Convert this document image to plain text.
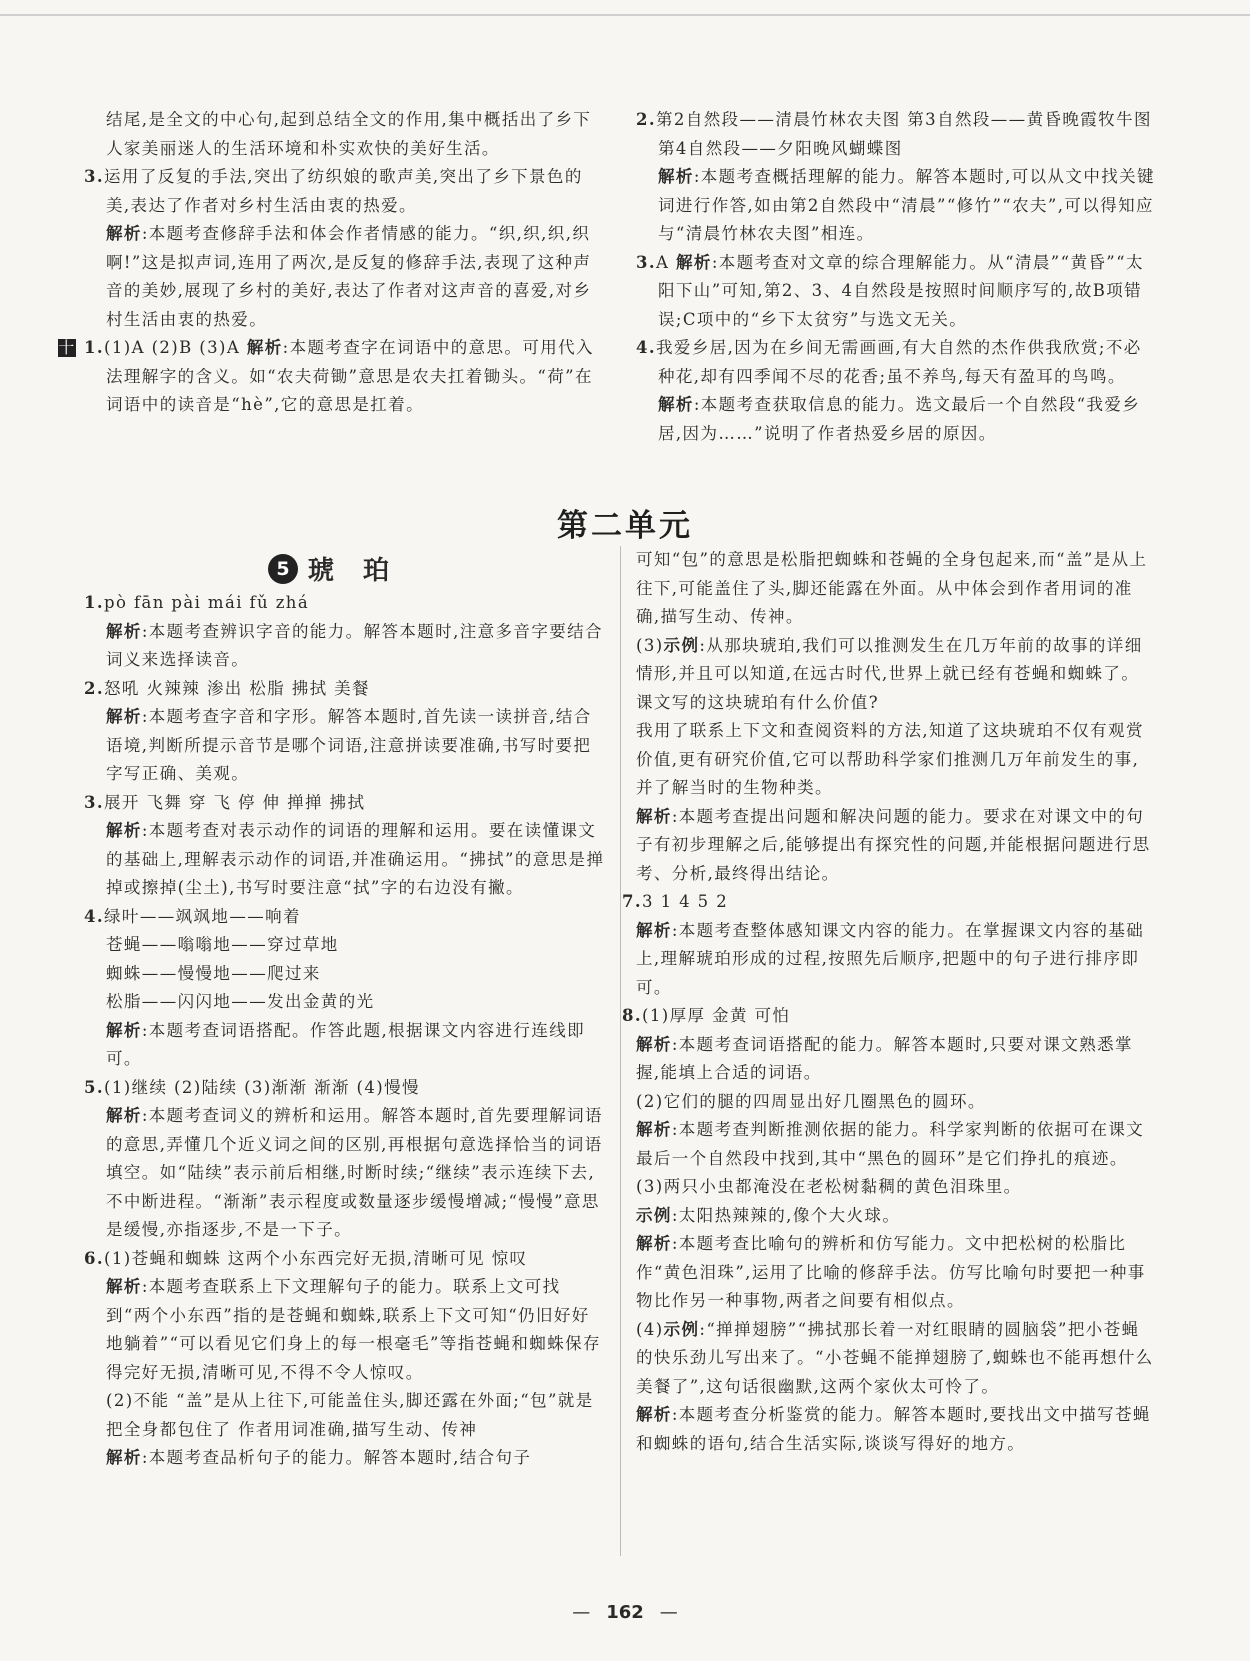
结尾,是全文的中心句,起到总结全文的作用,集中概括出了乡下人家美丽迷人的生活环境和朴实欢快的美好生活。

3.运用了反复的手法,突出了纺织娘的歌声美,突出了乡下景色的美,表达了作者对乡村生活由衷的热爱。

解析:本题考查修辞手法和体会作者情感的能力。“织,织,织,织啊!”这是拟声词,连用了两次,是反复的修辞手法,表现了这种声音的美妙,展现了乡村的美好,表达了作者对这声音的喜爱,对乡村生活由衷的热爱。

十 1.(1)A (2)B (3)A 解析:本题考查字在词语中的意思。可用代入法理解字的含义。如“农夫荷锄”意思是农夫扛着锄头。“荷”在词语中的读音是“hè”,它的意思是扛着。

2.第2自然段——清晨竹林农夫图 第3自然段——黄昏晚霞牧牛图 第4自然段——夕阳晚风蝴蝶图

解析:本题考查概括理解的能力。解答本题时,可以从文中找关键词进行作答,如由第2自然段中“清晨”“修竹”“农夫”,可以得知应与“清晨竹林农夫图”相连。

3.A 解析:本题考查对文章的综合理解能力。从“清晨”“黄昏”“太阳下山”可知,第2、3、4自然段是按照时间顺序写的,故B项错误;C项中的“乡下太贫穷”与选文无关。

4.我爱乡居,因为在乡间无需画画,有大自然的杰作供我欣赏;不必种花,却有四季闻不尽的花香;虽不养鸟,每天有盈耳的鸟鸣。

解析:本题考查获取信息的能力。选文最后一个自然段“我爱乡居,因为……”说明了作者热爱乡居的原因。

第二单元
5 琥 珀

1.pò fān pài mái fǔ zhá

解析:本题考查辨识字音的能力。解答本题时,注意多音字要结合词义来选择读音。

2.怒吼 火辣辣 渗出 松脂 拂拭 美餐

解析:本题考查字音和字形。解答本题时,首先读一读拼音,结合语境,判断所提示音节是哪个词语,注意拼读要准确,书写时要把字写正确、美观。

3.展开 飞舞 穿 飞 停 伸 掸掸 拂拭

解析:本题考查对表示动作的词语的理解和运用。要在读懂课文的基础上,理解表示动作的词语,并准确运用。“拂拭”的意思是掸掉或擦掉(尘土),书写时要注意“拭”字的右边没有撇。

4.绿叶——飒飒地——响着

苍蝇——嗡嗡地——穿过草地

蜘蛛——慢慢地——爬过来

松脂——闪闪地——发出金黄的光

解析:本题考查词语搭配。作答此题,根据课文内容进行连线即可。

5.(1)继续 (2)陆续 (3)渐渐 渐渐 (4)慢慢

解析:本题考查词义的辨析和运用。解答本题时,首先要理解词语的意思,弄懂几个近义词之间的区别,再根据句意选择恰当的词语填空。如“陆续”表示前后相继,时断时续;“继续”表示连续下去,不中断进程。“渐渐”表示程度或数量逐步缓慢增减;“慢慢”意思是缓慢,亦指逐步,不是一下子。

6.(1)苍蝇和蜘蛛 这两个小东西完好无损,清晰可见 惊叹

解析:本题考查联系上下文理解句子的能力。联系上文可找到“两个小东西”指的是苍蝇和蜘蛛,联系上下文可知“仍旧好好地躺着”“可以看见它们身上的每一根毫毛”等指苍蝇和蜘蛛保存得完好无损,清晰可见,不得不令人惊叹。

(2)不能 “盖”是从上往下,可能盖住头,脚还露在外面;“包”就是把全身都包住了 作者用词准确,描写生动、传神

解析:本题考查品析句子的能力。解答本题时,结合句子

可知“包”的意思是松脂把蜘蛛和苍蝇的全身包起来,而“盖”是从上往下,可能盖住了头,脚还能露在外面。从中体会到作者用词的准确,描写生动、传神。

(3)示例:从那块琥珀,我们可以推测发生在几万年前的故事的详细情形,并且可以知道,在远古时代,世界上就已经有苍蝇和蜘蛛了。

课文写的这块琥珀有什么价值?

我用了联系上下文和查阅资料的方法,知道了这块琥珀不仅有观赏价值,更有研究价值,它可以帮助科学家们推测几万年前发生的事,并了解当时的生物种类。

解析:本题考查提出问题和解决问题的能力。要求在对课文中的句子有初步理解之后,能够提出有探究性的问题,并能根据问题进行思考、分析,最终得出结论。

7.3 1 4 5 2

解析:本题考查整体感知课文内容的能力。在掌握课文内容的基础上,理解琥珀形成的过程,按照先后顺序,把题中的句子进行排序即可。

8.(1)厚厚 金黄 可怕

解析:本题考查词语搭配的能力。解答本题时,只要对课文熟悉掌握,能填上合适的词语。

(2)它们的腿的四周显出好几圈黑色的圆环。

解析:本题考查判断推测依据的能力。科学家判断的依据可在课文最后一个自然段中找到,其中“黑色的圆环”是它们挣扎的痕迹。

(3)两只小虫都淹没在老松树黏稠的黄色泪珠里。

示例:太阳热辣辣的,像个大火球。

解析:本题考查比喻句的辨析和仿写能力。文中把松树的松脂比作“黄色泪珠”,运用了比喻的修辞手法。仿写比喻句时要把一种事物比作另一种事物,两者之间要有相似点。

(4)示例:“掸掸翅膀”“拂拭那长着一对红眼睛的圆脑袋”把小苍蝇的快乐劲儿写出来了。“小苍蝇不能掸翅膀了,蜘蛛也不能再想什么美餐了”,这句话很幽默,这两个家伙太可怜了。

解析:本题考查分析鉴赏的能力。解答本题时,要找出文中描写苍蝇和蜘蛛的语句,结合生活实际,谈谈写得好的地方。

— 162 —
